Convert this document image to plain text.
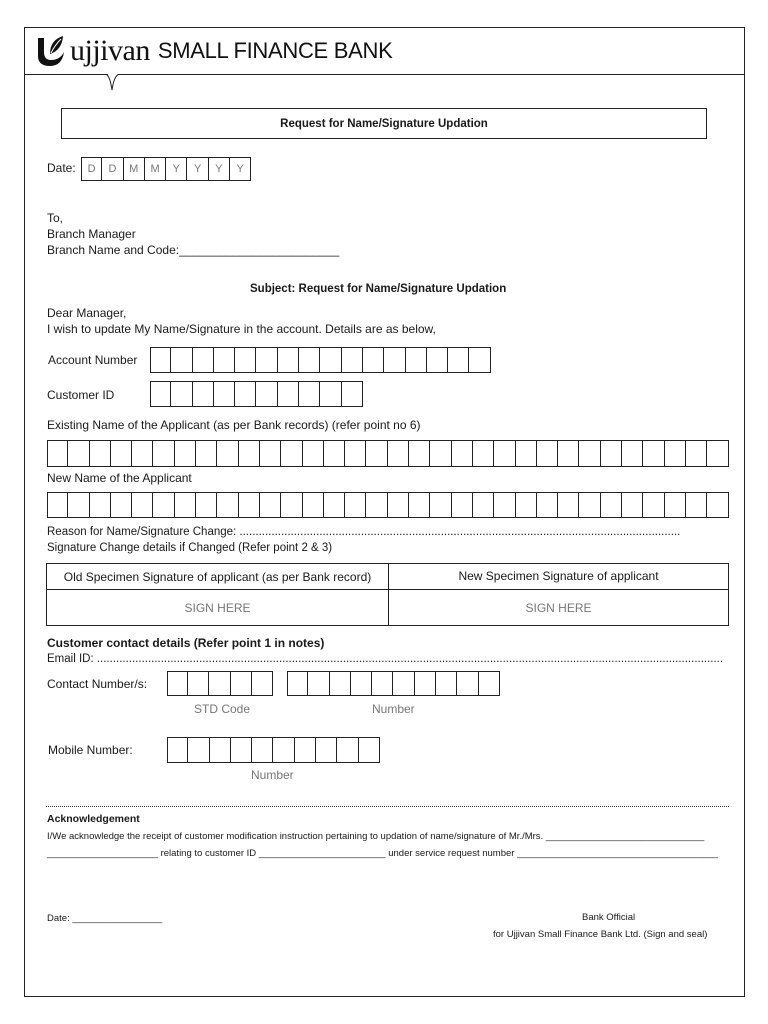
ujjivan SMALL FINANCE BANK
Request for Name/Signature Updation
Date:	D	D	M	M	Y	Y	Y	Y
To,
Branch Manager
Branch Name and Code:________________________
Subject: Request for Name/Signature Updation
Dear Manager,
I wish to update My Name/Signature in the account. Details are as below,
Account Number
Customer ID
Existing Name of the Applicant (as per Bank records) (refer point no 6)
New Name of the Applicant
Reason for Name/Signature Change: ..........................................................................................................................................
Signature Change details if Changed (Refer point 2 & 3)
Old Specimen Signature of applicant (as per Bank record)	New Specimen Signature of applicant
SIGN HERE	SIGN HERE
Customer contact details (Refer point 1 in notes)
Email ID: ....................................................................................................................................................................................................
Contact Number/s:
STD Code	Number
Mobile Number:
Number
Acknowledgement
I/We acknowledge the receipt of customer modification instruction pertaining to updation of name/signature of Mr./Mrs. ______________________________
_____________________ relating to customer ID ________________________ under service request number ______________________________________
Date: _________________	Bank Official
for Ujjivan Small Finance Bank Ltd. (Sign and seal)
